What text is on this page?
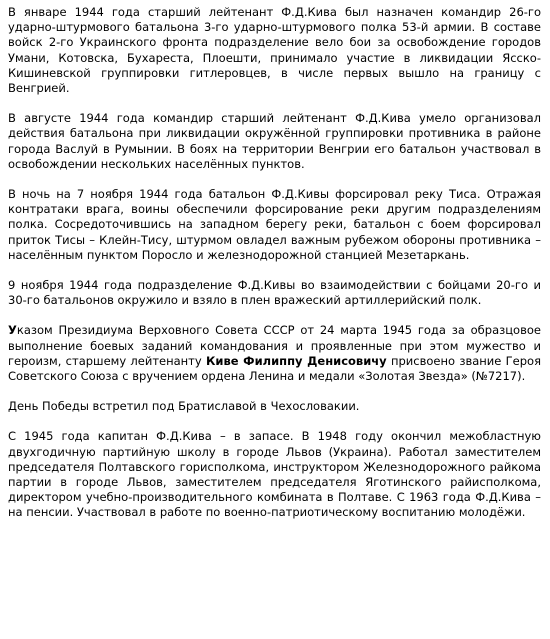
В январе 1944 года старший лейтенант Ф.Д.Кива был назначен командир 26-го ударно-штурмового батальона 3-го ударно-штурмового полка 53-й армии. В составе войск 2-го Украинского фронта подразделение вело бои за освобождение городов Умани, Котовска, Бухареста, Плоешти, принимало участие в ликвидации Ясско-Кишиневской группировки гитлеровцев, в числе первых вышло на границу с Венгрией.

В августе 1944 года командир старший лейтенант Ф.Д.Кива умело организовал действия батальона при ликвидации окружённой группировки противника в районе города Васлуй в Румынии. В боях на территории Венгрии его батальон участвовал в освобождении нескольких населённых пунктов.

В ночь на 7 ноября 1944 года батальон Ф.Д.Кивы форсировал реку Тиса. Отражая контратаки врага, воины обеспечили форсирование реки другим подразделениям полка. Сосредоточившись на западном берегу реки, батальон с боем форсировал приток Тисы – Клейн-Тису, штурмом овладел важным рубежом обороны противника – населённым пунктом Поросло и железнодорожной станцией Мезетаркань.

9 ноября 1944 года подразделение Ф.Д.Кивы во взаимодействии с бойцами 20-го и 30-го батальонов окружило и взяло в плен вражеский артиллерийский полк.

Указом Президиума Верховного Совета СССР от 24 марта 1945 года за образцовое выполнение боевых заданий командования и проявленные при этом мужество и героизм, старшему лейтенанту Киве Филиппу Денисовичу присвоено звание Героя Советского Союза с вручением ордена Ленина и медали «Золотая Звезда» (№7217).

День Победы встретил под Братиславой в Чехословакии.

С 1945 года капитан Ф.Д.Кива – в запасе. В 1948 году окончил межобластную двухгодичную партийную школу в городе Львов (Украина). Работал заместителем председателя Полтавского горисполкома, инструктором Железнодорожного райкома партии в городе Львов, заместителем председателя Яготинского райисполкома, директором учебно-производительного комбината в Полтаве. С 1963 года Ф.Д.Кива – на пенсии. Участвовал в работе по военно-патриотическому воспитанию молодёжи.
